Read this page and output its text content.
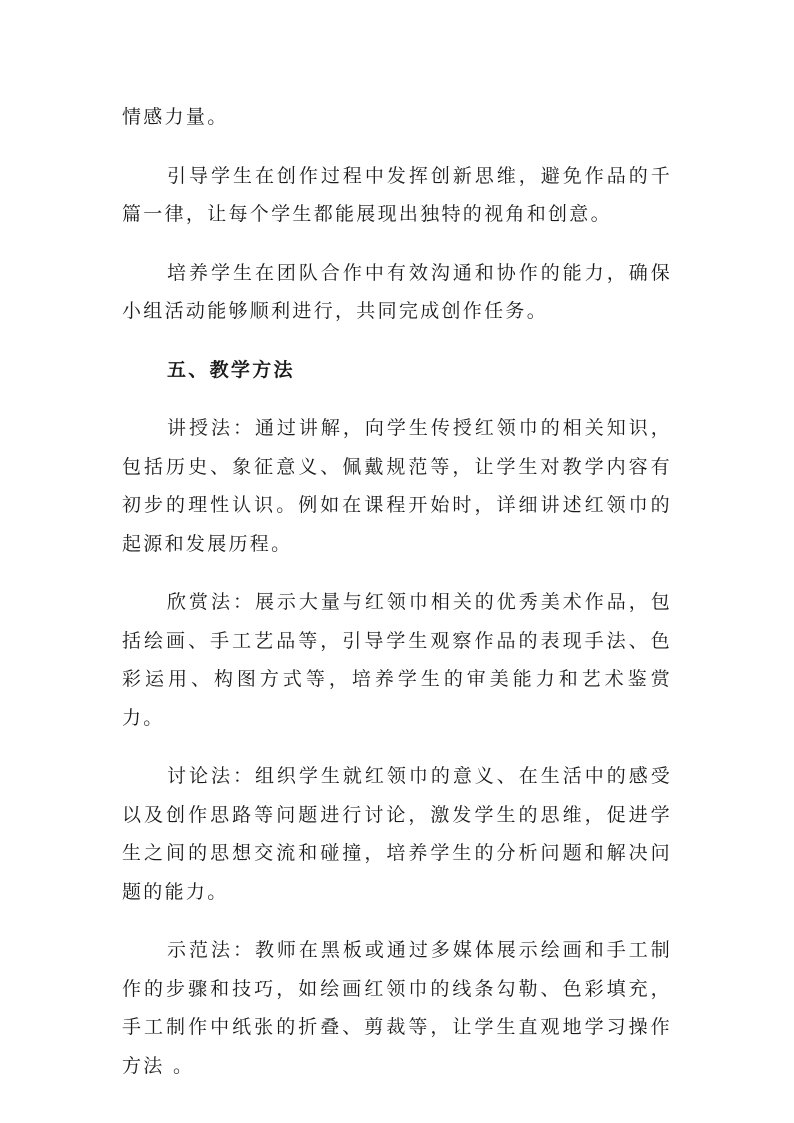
情感力量。

引导学生在创作过程中发挥创新思维，避免作品的千篇一律，让每个学生都能展现出独特的视角和创意。

培养学生在团队合作中有效沟通和协作的能力，确保小组活动能够顺利进行，共同完成创作任务。

五、教学方法

讲授法：通过讲解，向学生传授红领巾的相关知识，包括历史、象征意义、佩戴规范等，让学生对教学内容有初步的理性认识。例如在课程开始时，详细讲述红领巾的起源和发展历程。

欣赏法：展示大量与红领巾相关的优秀美术作品，包括绘画、手工艺品等，引导学生观察作品的表现手法、色彩运用、构图方式等，培养学生的审美能力和艺术鉴赏力。

讨论法：组织学生就红领巾的意义、在生活中的感受以及创作思路等问题进行讨论，激发学生的思维，促进学生之间的思想交流和碰撞，培养学生的分析问题和解决问题的能力。

示范法：教师在黑板或通过多媒体展示绘画和手工制作的步骤和技巧，如绘画红领巾的线条勾勒、色彩填充，手工制作中纸张的折叠、剪裁等，让学生直观地学习操作方法 。
